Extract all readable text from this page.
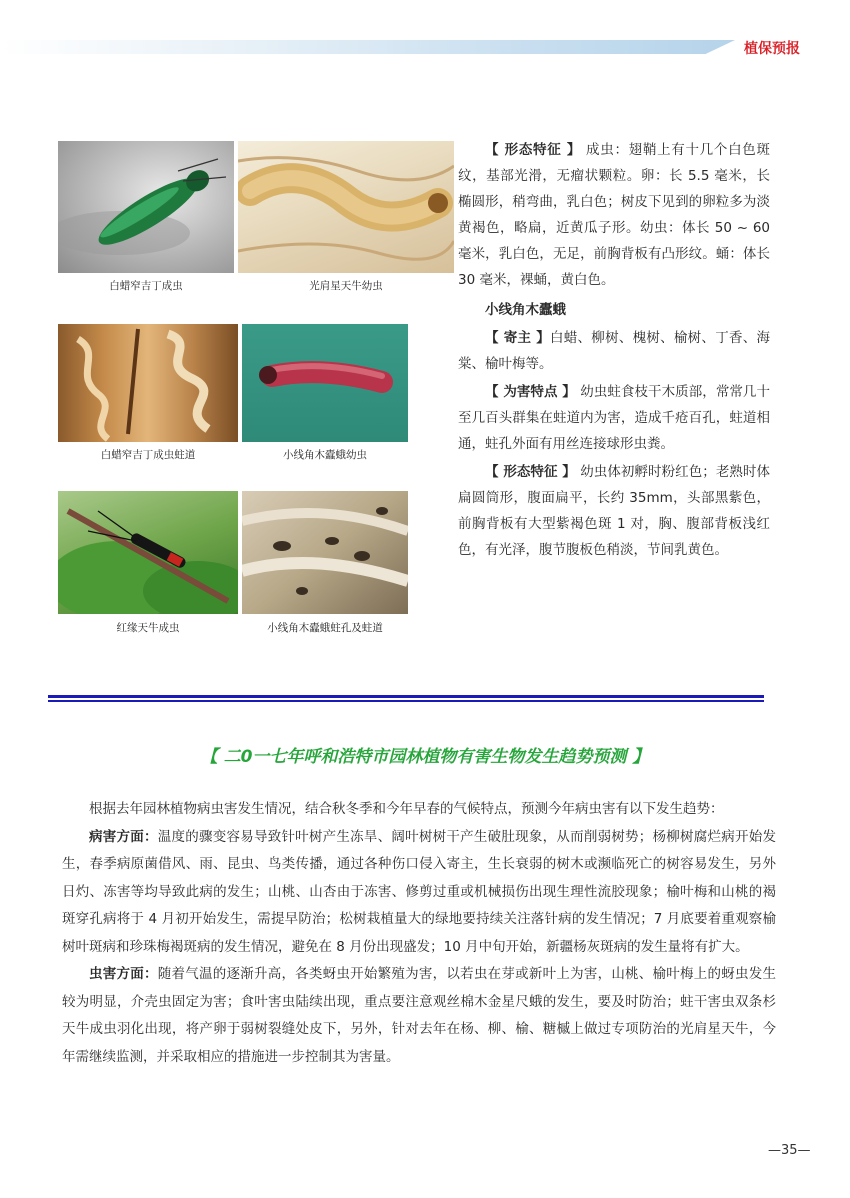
植保预报
白蜡窄吉丁成虫	光肩星天牛幼虫
白蜡窄吉丁成虫蛀道	小线角木蠹蛾幼虫
红缘天牛成虫	小线角木蠹蛾蛀孔及蛀道

【 形态特征 】 成虫：翅鞘上有十几个白色斑纹，基部光滑，无瘤状颗粒。卵：长 5.5 毫米，长椭圆形，稍弯曲，乳白色；树皮下见到的卵粒多为淡黄褐色，略扁，近黄瓜子形。幼虫：体长 50 ~ 60 毫米，乳白色，无足，前胸背板有凸形纹。蛹：体长 30 毫米，裸蛹，黄白色。

小线角木蠹蛾

【 寄主 】白蜡、柳树、槐树、榆树、丁香、海棠、榆叶梅等。

【 为害特点 】 幼虫蛀食枝干木质部，常常几十至几百头群集在蛀道内为害，造成千疮百孔，蛀道相通，蛀孔外面有用丝连接球形虫粪。

【 形态特征 】 幼虫体初孵时粉红色；老熟时体扁圆筒形，腹面扁平，长约 35mm，头部黑紫色，前胸背板有大型紫褐色斑 1 对，胸、腹部背板浅红色，有光泽，腹节腹板色稍淡，节间乳黄色。

【 二0一七年呼和浩特市园林植物有害生物发生趋势预测 】

根据去年园林植物病虫害发生情况，结合秋冬季和今年早春的气候特点，预测今年病虫害有以下发生趋势：

病害方面：温度的骤变容易导致针叶树产生冻旱、阔叶树树干产生破肚现象，从而削弱树势；杨柳树腐烂病开始发生，春季病原菌借风、雨、昆虫、鸟类传播，通过各种伤口侵入寄主，生长衰弱的树木或濒临死亡的树容易发生，另外日灼、冻害等均导致此病的发生；山桃、山杏由于冻害、修剪过重或机械损伤出现生理性流胶现象；榆叶梅和山桃的褐斑穿孔病将于 4 月初开始发生，需提早防治；松树栽植量大的绿地要持续关注落针病的发生情况；7 月底要着重观察榆树叶斑病和珍珠梅褐斑病的发生情况，避免在 8 月份出现盛发；10 月中旬开始，新疆杨灰斑病的发生量将有扩大。

虫害方面：随着气温的逐渐升高，各类蚜虫开始繁殖为害，以若虫在芽或新叶上为害，山桃、榆叶梅上的蚜虫发生较为明显，介壳虫固定为害；食叶害虫陆续出现，重点要注意观丝棉木金星尺蛾的发生，要及时防治；蛀干害虫双条杉天牛成虫羽化出现，将产卵于弱树裂缝处皮下，另外，针对去年在杨、柳、榆、糖槭上做过专项防治的光肩星天牛，今年需继续监测，并采取相应的措施进一步控制其为害量。

—35—
